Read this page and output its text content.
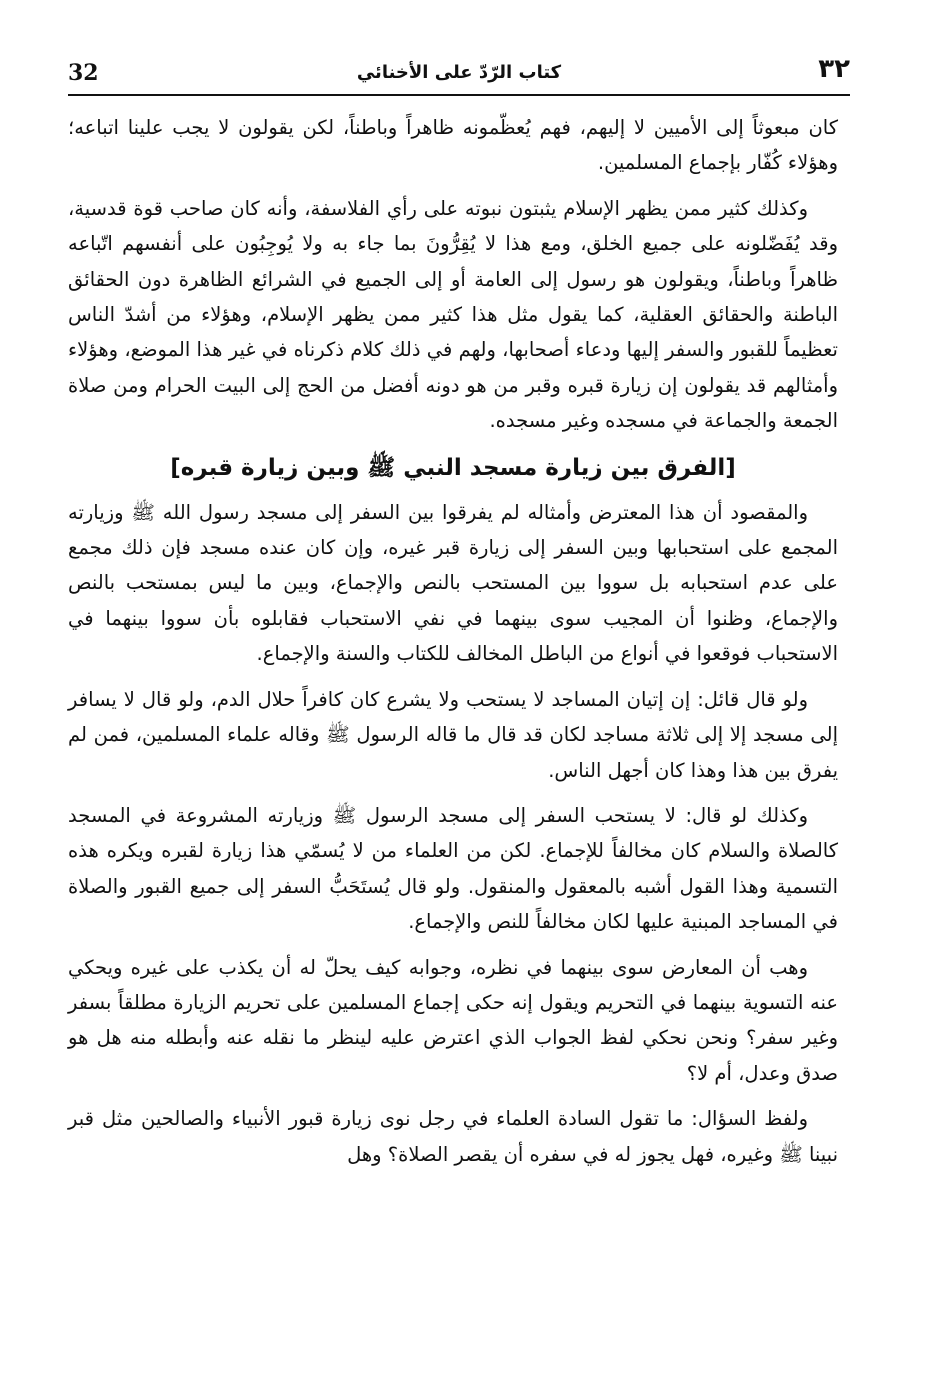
32	كتاب الرّدّ على الأخنائي	٣٢

كان مبعوثاً إلى الأميين لا إليهم، فهم يُعظّمونه ظاهراً وباطناً، لكن يقولون لا يجب علينا اتباعه؛ وهؤلاء كُفّار بإجماع المسلمين.

وكذلك كثير ممن يظهر الإسلام يثبتون نبوته على رأي الفلاسفة، وأنه كان صاحب قوة قدسية، وقد يُفَضّلونه على جميع الخلق، ومع هذا لا يُقِرُّونَ بما جاء به ولا يُوجِبُون على أنفسهم اتّباعه ظاهراً وباطناً، ويقولون هو رسول إلى العامة أو إلى الجميع في الشرائع الظاهرة دون الحقائق الباطنة والحقائق العقلية، كما يقول مثل هذا كثير ممن يظهر الإسلام، وهؤلاء من أشدّ الناس تعظيماً للقبور والسفر إليها ودعاء أصحابها، ولهم في ذلك كلام ذكرناه في غير هذا الموضع، وهؤلاء وأمثالهم قد يقولون إن زيارة قبره وقبر من هو دونه أفضل من الحج إلى البيت الحرام ومن صلاة الجمعة والجماعة في مسجده وغير مسجده.

[الفرق بين زيارة مسجد النبي ﷺ وبين زيارة قبره]

والمقصود أن هذا المعترض وأمثاله لم يفرقوا بين السفر إلى مسجد رسول الله ﷺ وزيارته المجمع على استحبابها وبين السفر إلى زيارة قبر غيره، وإن كان عنده مسجد فإن ذلك مجمع على عدم استحبابه بل سووا بين المستحب بالنص والإجماع، وبين ما ليس بمستحب بالنص والإجماع، وظنوا أن المجيب سوى بينهما في نفي الاستحباب فقابلوه بأن سووا بينهما في الاستحباب فوقعوا في أنواع من الباطل المخالف للكتاب والسنة والإجماع.

ولو قال قائل: إن إتيان المساجد لا يستحب ولا يشرع كان كافراً حلال الدم، ولو قال لا يسافر إلى مسجد إلا إلى ثلاثة مساجد لكان قد قال ما قاله الرسول ﷺ وقاله علماء المسلمين، فمن لم يفرق بين هذا وهذا كان أجهل الناس.

وكذلك لو قال: لا يستحب السفر إلى مسجد الرسول ﷺ وزيارته المشروعة في المسجد كالصلاة والسلام كان مخالفاً للإجماع. لكن من العلماء من لا يُسمّي هذا زيارة لقبره ويكره هذه التسمية وهذا القول أشبه بالمعقول والمنقول. ولو قال يُستَحَبُّ السفر إلى جميع القبور والصلاة في المساجد المبنية عليها لكان مخالفاً للنص والإجماع.

وهب أن المعارض سوى بينهما في نظره، وجوابه كيف يحلّ له أن يكذب على غيره ويحكي عنه التسوية بينهما في التحريم ويقول إنه حكى إجماع المسلمين على تحريم الزيارة مطلقاً بسفر وغير سفر؟ ونحن نحكي لفظ الجواب الذي اعترض عليه لينظر ما نقله عنه وأبطله منه هل هو صدق وعدل، أم لا؟

ولفظ السؤال: ما تقول السادة العلماء في رجل نوى زيارة قبور الأنبياء والصالحين مثل قبر نبينا ﷺ وغيره، فهل يجوز له في سفره أن يقصر الصلاة؟ وهل
